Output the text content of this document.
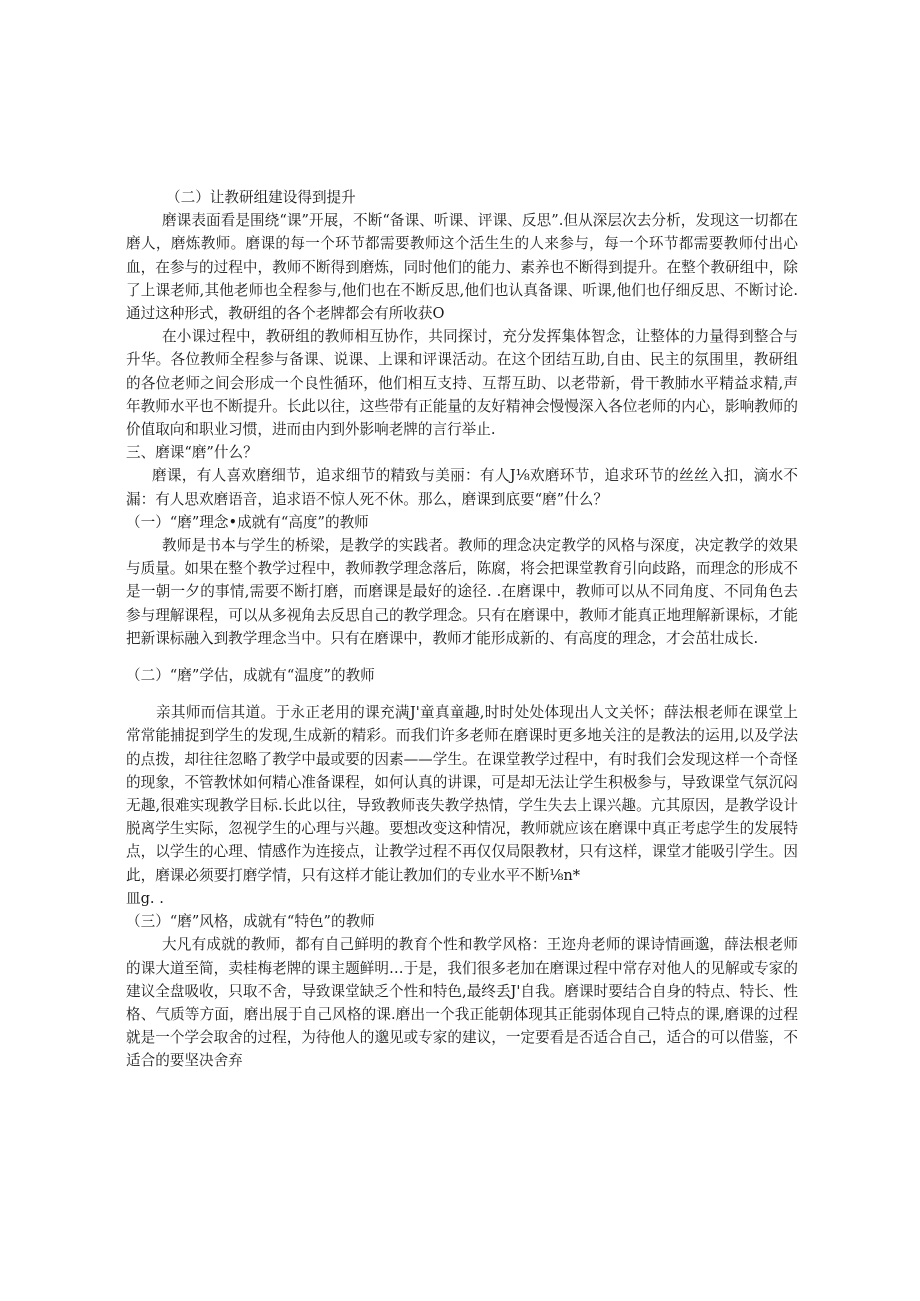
（二）让教研组建设得到提升

磨课表面看是围绕“课”开展，不断“备课、听课、评课、反思”.但从深层次去分析，发现这一切都在磨人，磨炼教师。磨课的每一个环节都需要教师这个活生生的人来参与，每一个环节都需要教师付出心血，在参与的过程中，教师不断得到磨炼，同时他们的能力、素养也不断得到提升。在整个教研组中，除了上课老师,其他老师也全程参与,他们也在不断反思,他们也认真备课、听课,他们也仔细反思、不断讨论.通过这种形式，教研组的各个老牌都会有所收获O

在小课过程中，教研组的教师相互协作，共同探讨，充分发挥集体智念，让整体的力量得到整合与升华。各位教师全程参与备课、说课、上课和评课活动。在这个团结互助,自由、民主的氛围里，教研组的各位老师之间会形成一个良性循环，他们相互支持、互帮互助、以老带新，骨干教肺水平精益求精,声年教师水平也不断提升。长此以往，这些带有正能量的友好精神会慢慢深入各位老师的内心，影响教师的价值取向和职业习惯，进而由内到外影响老牌的言行举止.

三、磨课“磨”什么？

磨课，有人喜欢磨细节，追求细节的精致与美丽：有人J⅛欢磨环节，追求环节的丝丝入扣，滴水不漏：有人思欢磨语音，追求语不惊人死不休。那么，磨课到底要“磨”什么？

（一）“磨”理念•成就有“高度”的教师

教师是书本与学生的桥梁，是教学的实践者。教师的理念决定教学的风格与深度，决定教学的效果与质量。如果在整个教学过程中，教师教学理念落后，陈腐，将会把课堂教育引向歧路，而理念的形成不是一朝一夕的事情,需要不断打磨，而磨课是最好的途径. .在磨课中，教师可以从不同角度、不同角色去参与理解课程，可以从多视角去反思自己的教学理念。只有在磨课中，教师才能真正地理解新课标，才能把新课标融入到教学理念当中。只有在磨课中，教师才能形成新的、有高度的理念，才会茁壮成长.

（二）“磨”学估，成就有“温度”的教师

亲其师而信其道。于永正老用的课充满J'童真童趣,时时处处体现出人文关怀；薛法根老师在课堂上常常能捕捉到学生的发现,生成新的精彩。而我们许多老师在磨课时更多地关注的是教法的运用,以及学法的点拨，却往往忽略了教学中最或要的因素——学生。在课堂教学过程中，有时我们会发现这样一个奇怪的现象，不管教怵如何精心准备课程，如何认真的讲课，可是却无法让学生积极参与，导致课堂气氛沉闷无趣,很难实现教学目标.长此以往，导致教师丧失教学热情，学生失去上课兴趣。亢其原因，是教学设计脱离学生实际，忽视学生的心理与兴趣。要想改变这种情况，教师就应该在磨课中真正考虑学生的发展特点，以学生的心理、情感作为连接点，让教学过程不再仅仅局限教材，只有这样，课堂才能吸引学生。因此，磨课必须要打磨学情，只有这样才能让教加们的专业水平不断⅛n*

皿g. .

（三）“磨”风格，成就有“特色”的教师

大凡有成就的教师，都有自己鲜明的教育个性和教学风格：王迩舟老师的课诗情画邈，薛法根老师的课大道至简，卖桂梅老牌的课主题鲜明…于是，我们很多老加在磨课过程中常存对他人的见解或专家的建议全盘吸收，只取不舍，导致课堂缺乏个性和特色,最终丢J'自我。磨课时要结合自身的特点、特长、性格、气质等方面，磨出展于自己风格的课.磨出一个我正能朝体现其正能弱体现自己特点的课,磨课的过程就是一个学会取舍的过程，为待他人的邈见或专家的建议，一定要看是否适合自己，适合的可以借鉴，不适合的要坚决舍弃
